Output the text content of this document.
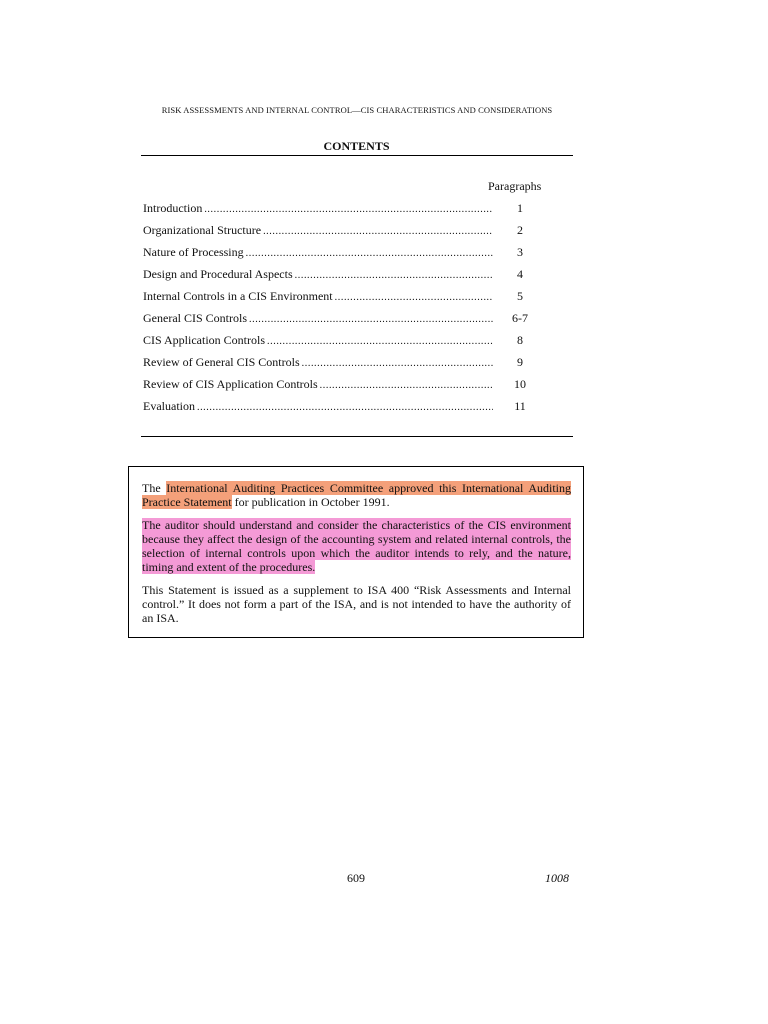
RISK ASSESSMENTS AND INTERNAL CONTROL—CIS CHARACTERISTICS AND CONSIDERATIONS
CONTENTS
Paragraphs
Introduction .....	1
Organizational Structure .....	2
Nature of Processing .....	3
Design and Procedural Aspects .....	4
Internal Controls in a CIS Environment .....	5
General CIS Controls .....	6-7
CIS Application Controls .....	8
Review of General CIS Controls .....	9
Review of CIS Application Controls .....	10
Evaluation .....	11

The International Auditing Practices Committee approved this International Auditing Practice Statement for publication in October 1991.

The auditor should understand and consider the characteristics of the CIS environment because they affect the design of the accounting system and related internal controls, the selection of internal controls upon which the auditor intends to rely, and the nature, timing and extent of the procedures.

This Statement is issued as a supplement to ISA 400 “Risk Assessments and Internal control.” It does not form a part of the ISA, and is not intended to have the authority of an ISA.

609	1008
